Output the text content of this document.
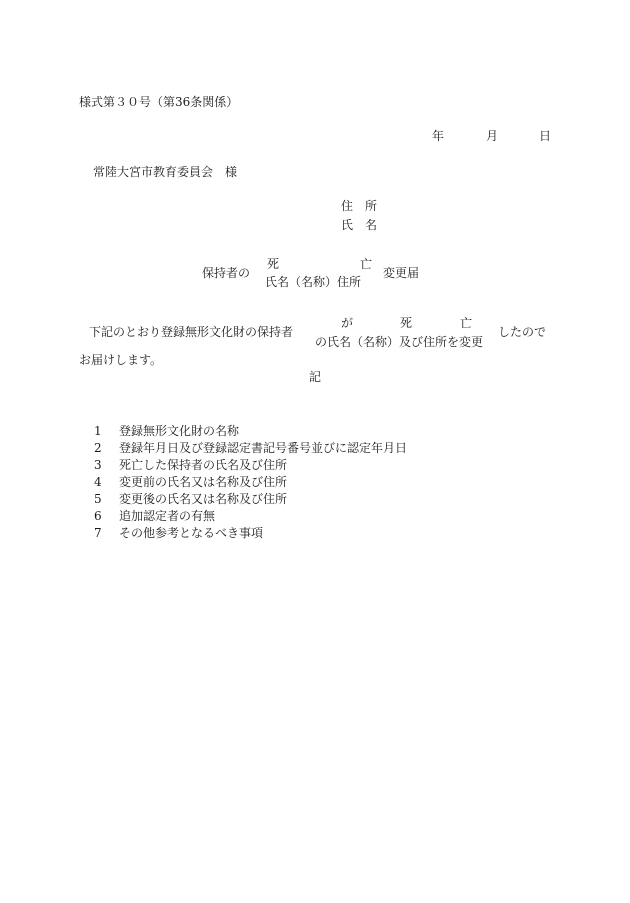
様式第３０号（第36条関係）
年	月	日
常陸大宮市教育委員会　様
住　所
氏　名
保持者の
死	亡
氏名（名称）住所
変更届
下記のとおり登録無形文化財の保持者
が	死	亡
の氏名（名称）及び住所を変更
したので
お届けします。
記
1	登録無形文化財の名称
2	登録年月日及び登録認定書記号番号並びに認定年月日
3	死亡した保持者の氏名及び住所
4	変更前の氏名又は名称及び住所
5	変更後の氏名又は名称及び住所
6	追加認定者の有無
7	その他参考となるべき事項
